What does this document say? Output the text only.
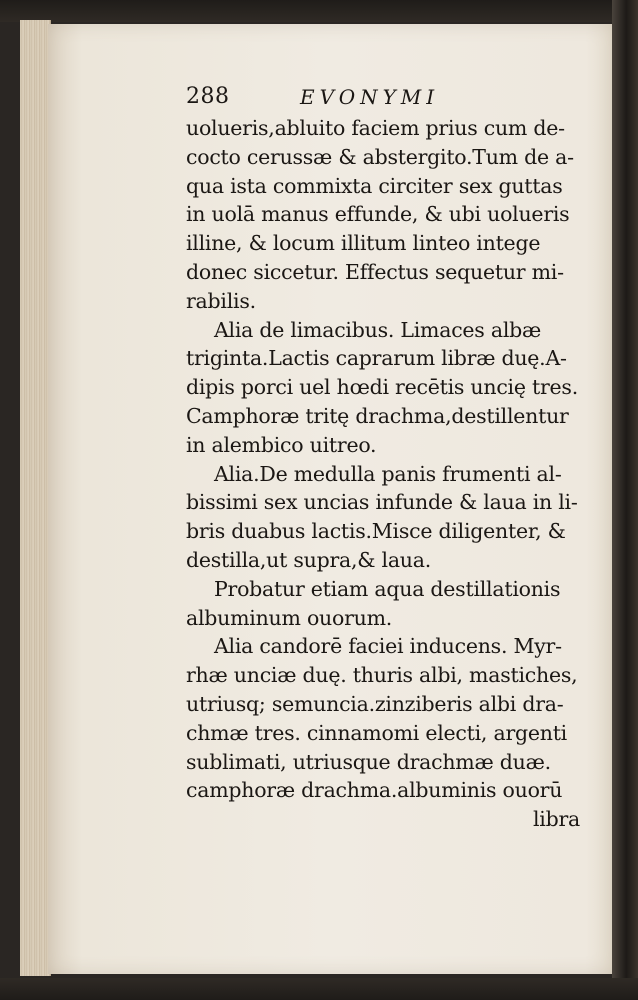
288	EVONYMI
uolueris,abluito faciem prius cum de-
cocto cerussæ & abstergito.Tum de a-
qua ista commixta circiter sex guttas
in uolā manus effunde, & ubi uolueris
illine, & locum illitum linteo intege
donec siccetur. Effectus sequetur mi-
rabilis.
Alia de limacibus. Limaces albæ
triginta.Lactis caprarum libræ duę.A-
dipis porci uel hœdi recētis uncię tres.
Camphoræ tritę drachma,destillentur
in alembico uitreo.
Alia.De medulla panis frumenti al-
bissimi sex uncias infunde & laua in li-
bris duabus lactis.Misce diligenter, &
destilla,ut supra,& laua.
Probatur etiam aqua destillationis
albuminum ouorum.
Alia candorē faciei inducens. Myr-
rhæ unciæ duę. thuris albi, mastiches,
utriusq; semuncia.zinziberis albi dra-
chmæ tres. cinnamomi electi, argenti
sublimati, utriusque drachmæ duæ.
camphoræ drachma.albuminis ouorū
libra
